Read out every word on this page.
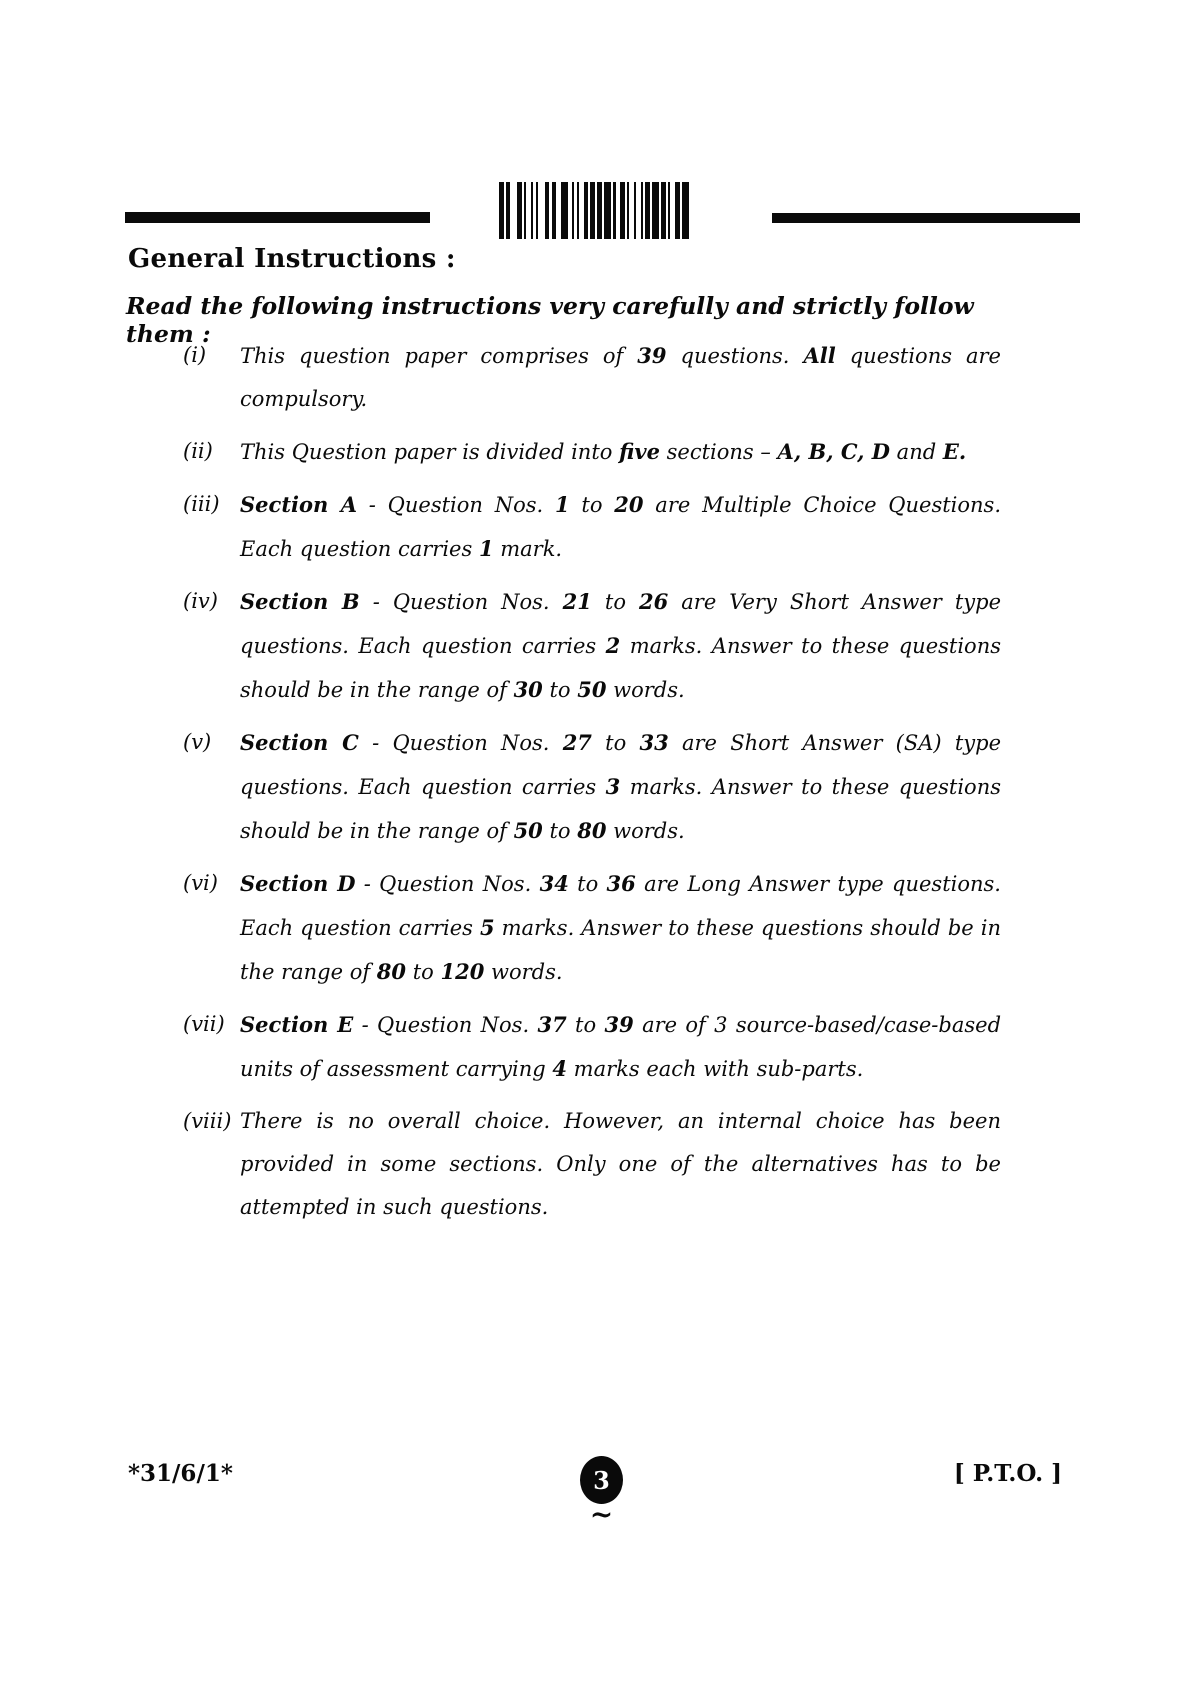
General Instructions :
Read the following instructions very carefully and strictly follow them :
(i)	This question paper comprises of 39 questions. All questions are compulsory.
(ii)	This Question paper is divided into five sections – A, B, C, D and E.
(iii) Section A - Question Nos. 1 to 20 are Multiple Choice Questions. Each question carries 1 mark.
(iv)	Section B - Question Nos. 21 to 26 are Very Short Answer type questions. Each question carries 2 marks. Answer to these questions should be in the range of 30 to 50 words.
(v)	Section C - Question Nos. 27 to 33 are Short Answer (SA) type questions. Each question carries 3 marks. Answer to these questions should be in the range of 50 to 80 words.
(vi)	Section D - Question Nos. 34 to 36 are Long Answer type questions. Each question carries 5 marks. Answer to these questions should be in the range of 80 to 120 words.
(vii) Section E - Question Nos. 37 to 39 are of 3 source-based/case-based units of assessment carrying 4 marks each with sub-parts.
(viii) There is no overall choice. However, an internal choice has been provided in some sections. Only one of the alternatives has to be attempted in such questions.
*31/6/1*	3
~
[ P.T.O. ]
